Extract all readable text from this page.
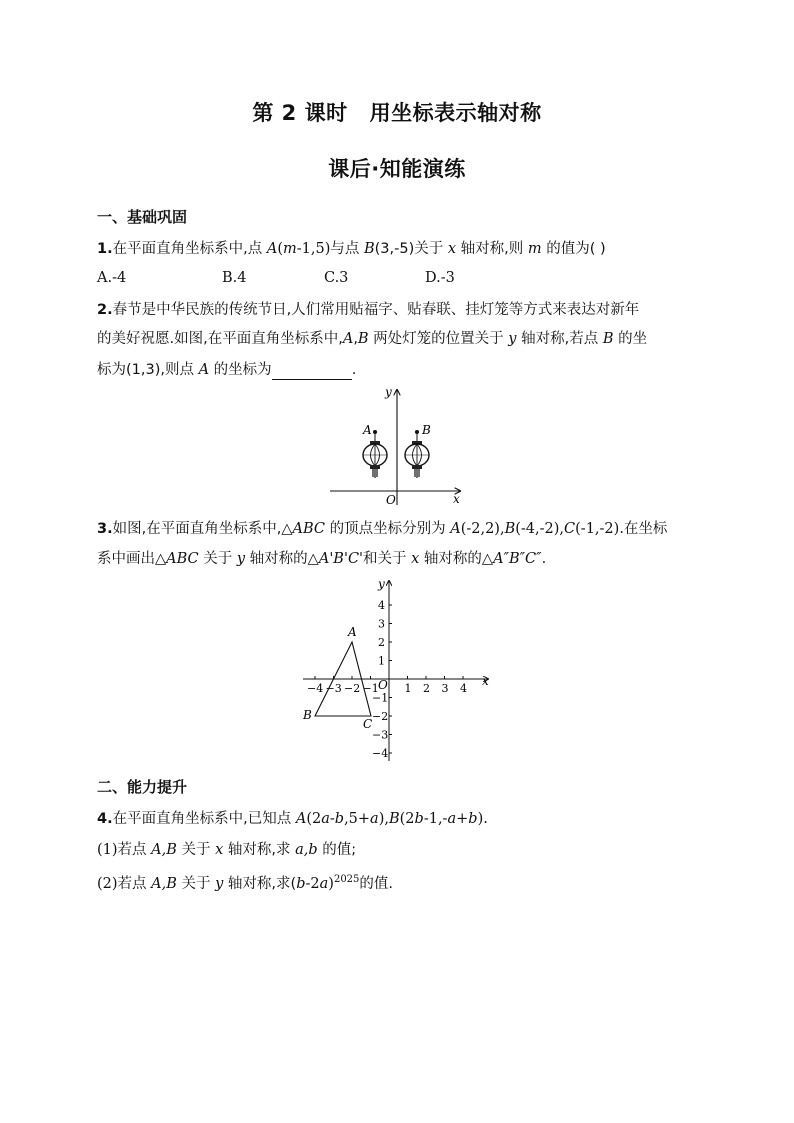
第 2 课时 用坐标表示轴对称
课后·知能演练
一、基础巩固
1.在平面直角坐标系中,点 A(m-1,5)与点 B(3,-5)关于 x 轴对称,则 m 的值为( )
A.-4	B.4	C.3	D.-3
2.春节是中华民族的传统节日,人们常用贴福字、贴春联、挂灯笼等方式来表达对新年
的美好祝愿.如图,在平面直角坐标系中,A,B 两处灯笼的位置关于 y 轴对称,若点 B 的坐
标为(1,3),则点 A 的坐标为	.
y
x
O
A	B
3.如图,在平面直角坐标系中,△ABC 的顶点坐标分别为 A(-2,2),B(-4,-2),C(-1,-2).在坐标
系中画出△ABC 关于 y 轴对称的△A'B'C'和关于 x 轴对称的△A″B″C″.
−4 −3 −2 −1 1 2 3 4
4
3
2
1
−1
−2
−3
−4
y
x
O
A
B
C
二、能力提升
4.在平面直角坐标系中,已知点 A(2a-b,5+a),B(2b-1,-a+b).
(1)若点 A,B 关于 x 轴对称,求 a,b 的值;
(2)若点 A,B 关于 y 轴对称,求$(b-2a)^{2025}$的值.
